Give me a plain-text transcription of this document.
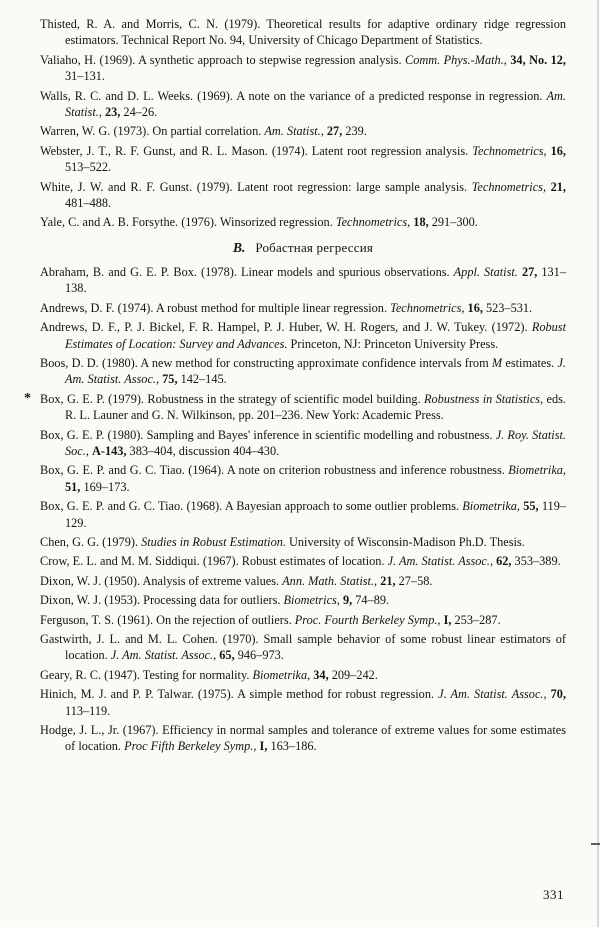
Thisted, R. A. and Morris, C. N. (1979). Theoretical results for adaptive ordinary ridge regression estimators. Technical Report No. 94, University of Chicago Department of Statistics.
Valiaho, H. (1969). A synthetic approach to stepwise regression analysis. Comm. Phys.-Math., 34, No. 12, 31–131.
Walls, R. C. and D. L. Weeks. (1969). A note on the variance of a predicted response in regression. Am. Statist., 23, 24–26.
Warren, W. G. (1973). On partial correlation. Am. Statist., 27, 239.
Webster, J. T., R. F. Gunst, and R. L. Mason. (1974). Latent root regression analysis. Technometrics, 16, 513–522.
White, J. W. and R. F. Gunst. (1979). Latent root regression: large sample analysis. Technometrics, 21, 481–488.
Yale, C. and A. B. Forsythe. (1976). Winsorized regression. Technometrics, 18, 291–300.
B. Робастная регрессия
Abraham, B. and G. E. P. Box. (1978). Linear models and spurious observations. Appl. Statist. 27, 131–138.
Andrews, D. F. (1974). A robust method for multiple linear regression. Technometrics, 16, 523–531.
Andrews, D. F., P. J. Bickel, F. R. Hampel, P. J. Huber, W. H. Rogers, and J. W. Tukey. (1972). Robust Estimates of Location: Survey and Advances. Princeton, NJ: Princeton University Press.
Boos, D. D. (1980). A new method for constructing approximate confidence intervals from M estimates. J. Am. Statist. Assoc., 75, 142–145.
* Box, G. E. P. (1979). Robustness in the strategy of scientific model building. Robustness in Statistics, eds. R. L. Launer and G. N. Wilkinson, pp. 201–236. New York: Academic Press.
Box, G. E. P. (1980). Sampling and Bayes' inference in scientific modelling and robustness. J. Roy. Statist. Soc., A-143, 383–404, discussion 404–430.
Box, G. E. P. and G. C. Tiao. (1964). A note on criterion robustness and inference robustness. Biometrika, 51, 169–173.
Box, G. E. P. and G. C. Tiao. (1968). A Bayesian approach to some outlier problems. Biometrika, 55, 119–129.
Chen, G. G. (1979). Studies in Robust Estimation. University of Wisconsin-Madison Ph.D. Thesis.
Crow, E. L. and M. M. Siddiqui. (1967). Robust estimates of location. J. Am. Statist. Assoc., 62, 353–389.
Dixon, W. J. (1950). Analysis of extreme values. Ann. Math. Statist., 21, 27–58.
Dixon, W. J. (1953). Processing data for outliers. Biometrics, 9, 74–89.
Ferguson, T. S. (1961). On the rejection of outliers. Proc. Fourth Berkeley Symp., I, 253–287.
Gastwirth, J. L. and M. L. Cohen. (1970). Small sample behavior of some robust linear estimators of location. J. Am. Statist. Assoc., 65, 946–973.
Geary, R. C. (1947). Testing for normality. Biometrika, 34, 209–242.
Hinich, M. J. and P. P. Talwar. (1975). A simple method for robust regression. J. Am. Statist. Assoc., 70, 113–119.
Hodge, J. L., Jr. (1967). Efficiency in normal samples and tolerance of extreme values for some estimates of location. Proc Fifth Berkeley Symp., I, 163–186.
331
